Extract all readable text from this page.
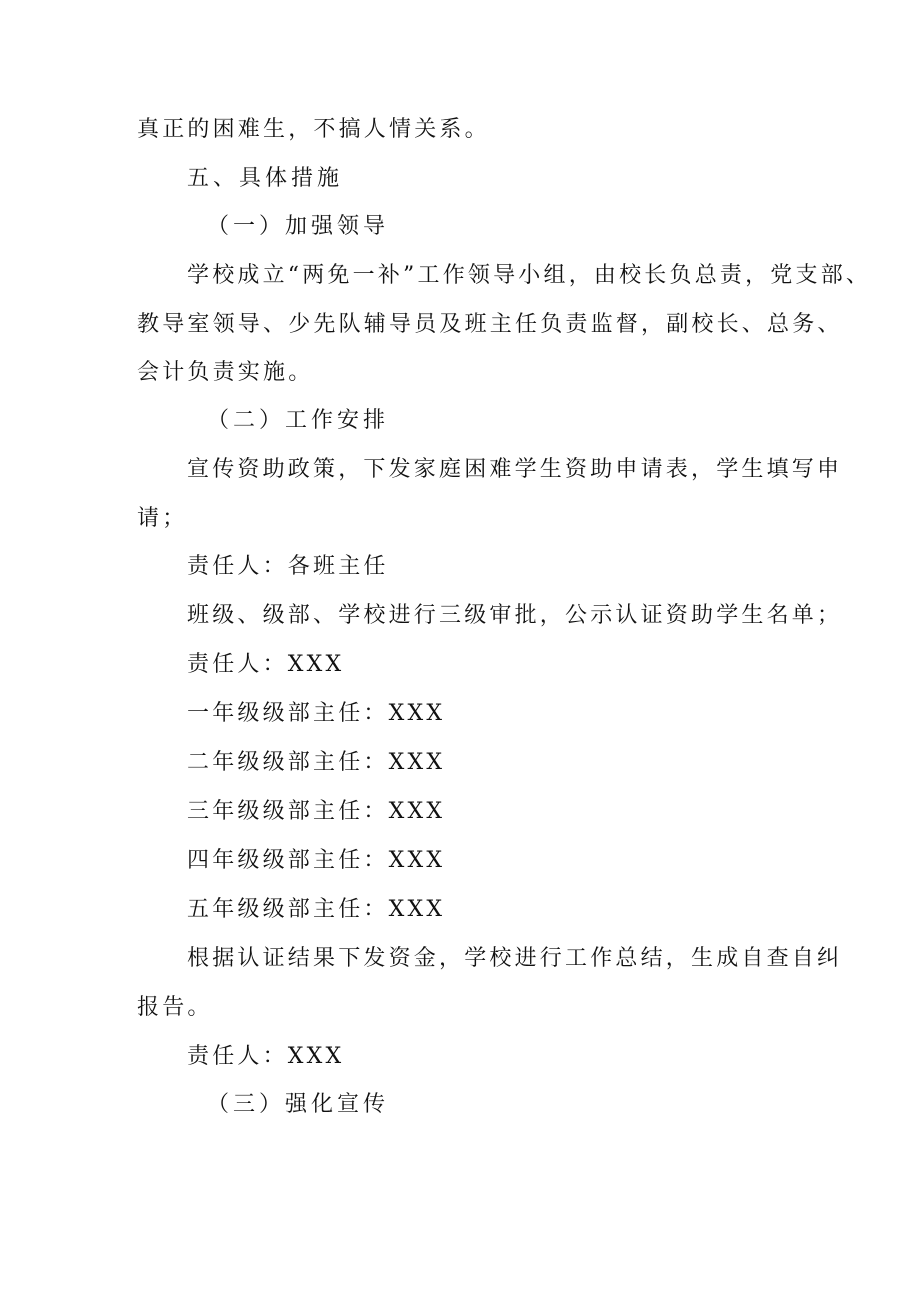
真正的困难生，不搞人情关系。
五、具体措施
（一）加强领导
学校成立“两免一补”工作领导小组，由校长负总责，党支部、
教导室领导、少先队辅导员及班主任负责监督，副校长、总务、
会计负责实施。
（二）工作安排
宣传资助政策，下发家庭困难学生资助申请表，学生填写申
请；
责任人：各班主任
班级、级部、学校进行三级审批，公示认证资助学生名单；
责任人：XXX
一年级级部主任：XXX
二年级级部主任：XXX
三年级级部主任：XXX
四年级级部主任：XXX
五年级级部主任：XXX
根据认证结果下发资金，学校进行工作总结，生成自查自纠
报告。
责任人：XXX
（三）强化宣传
